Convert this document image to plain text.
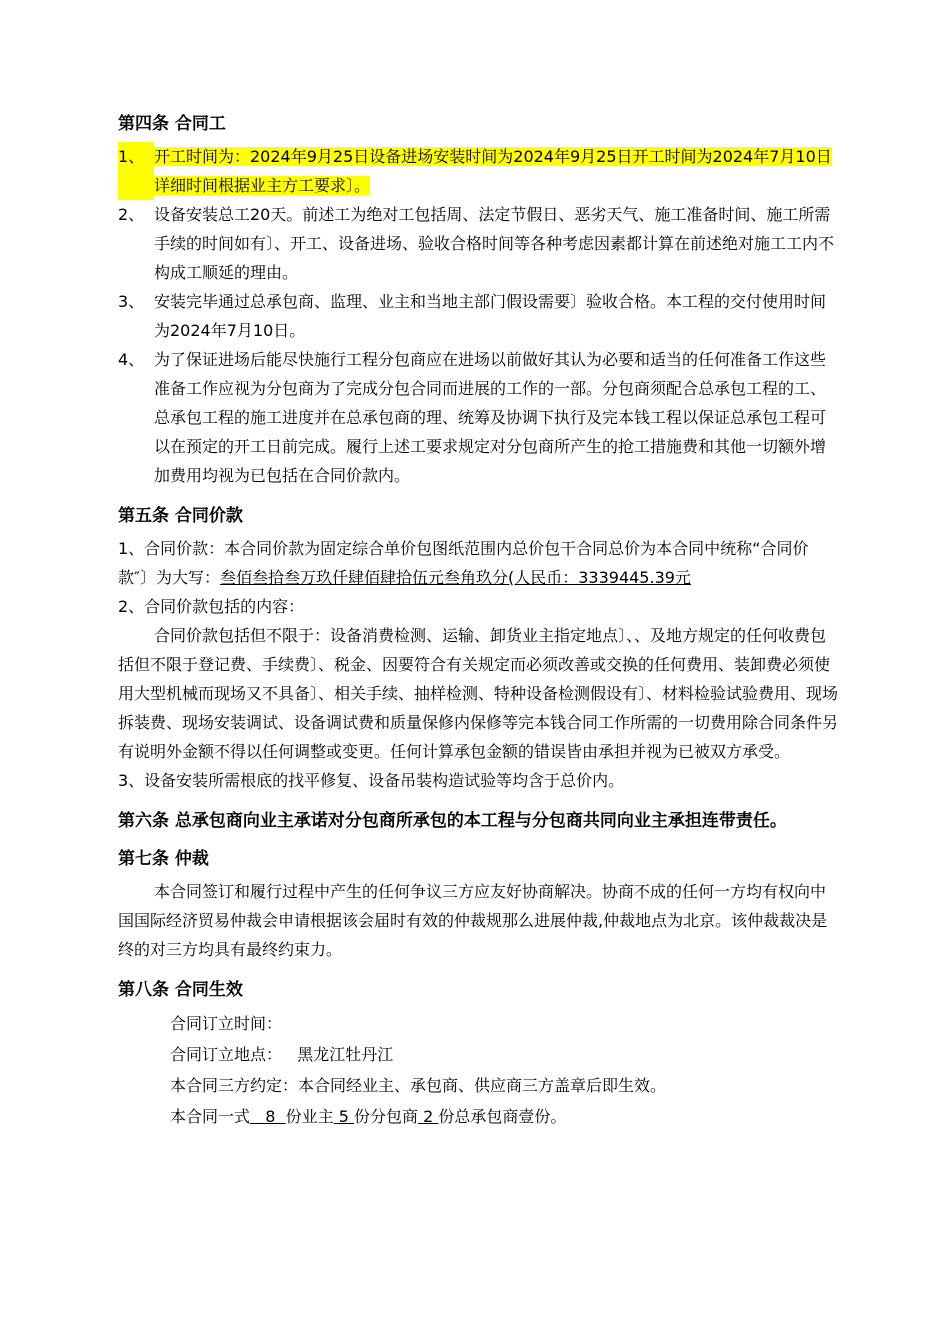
第四条 合同工
1、 开工时间为：2024年9月25日设备进场安装时间为2024年9月25日开工时间为2024年7月10日详细时间根据业主方工要求〕。
2、 设备安装总工20天。前述工为绝对工包括周、法定节假日、恶劣天气、施工准备时间、施工所需手续的时间如有〕、开工、设备进场、验收合格时间等各种考虑因素都计算在前述绝对施工工内不构成工顺延的理由。
3、 安装完毕通过总承包商、监理、业主和当地主部门假设需要〕验收合格。本工程的交付使用时间为2024年7月10日。
4、 为了保证进场后能尽快施行工程分包商应在进场以前做好其认为必要和适当的任何准备工作这些准备工作应视为分包商为了完成分包合同而进展的工作的一部。分包商须配合总承包工程的工、总承包工程的施工进度并在总承包商的理、统筹及协调下执行及完本钱工程以保证总承包工程可以在预定的开工日前完成。履行上述工要求规定对分包商所产生的抢工措施费和其他一切额外增加费用均视为已包括在合同价款内。
第五条 合同价款

1、合同价款：本合同价款为固定综合单价包图纸范围内总价包干合同总价为本合同中统称“合同价款″〕为大写：叁佰叁拾叁万玖仟肆佰肆拾伍元叁角玖分(人民币：3339445.39元

2、合同价款包括的内容：

合同价款包括但不限于：设备消费检测、运输、卸货业主指定地点〕、、及地方规定的任何收费包括但不限于登记费、手续费〕、税金、因要符合有关规定而必须改善或交换的任何费用、装卸费必须使用大型机械而现场又不具备〕、相关手续、抽样检测、特种设备检测假设有〕、材料检验试验费用、现场拆装费、现场安装调试、设备调试费和质量保修内保修等完本钱合同工作所需的一切费用除合同条件另有说明外金额不得以任何调整或变更。任何计算承包金额的错误皆由承担并视为已被双方承受。

3、设备安装所需根底的找平修复、设备吊装构造试验等均含于总价内。

第六条 总承包商向业主承诺对分包商所承包的本工程与分包商共同向业主承担连带责任。
第七条 仲裁

本合同签订和履行过程中产生的任何争议三方应友好协商解决。协商不成的任何一方均有权向中国国际经济贸易仲裁会申请根据该会届时有效的仲裁规那么进展仲裁,仲裁地点为北京。该仲裁裁决是终的对三方均具有最终约束力。

第八条 合同生效
合同订立时间：
合同订立地点： 黑龙江牡丹江
本合同三方约定：本合同经业主、承包商、供应商三方盖章后即生效。
本合同一式 8 份业主 5 份分包商 2 份总承包商壹份。
